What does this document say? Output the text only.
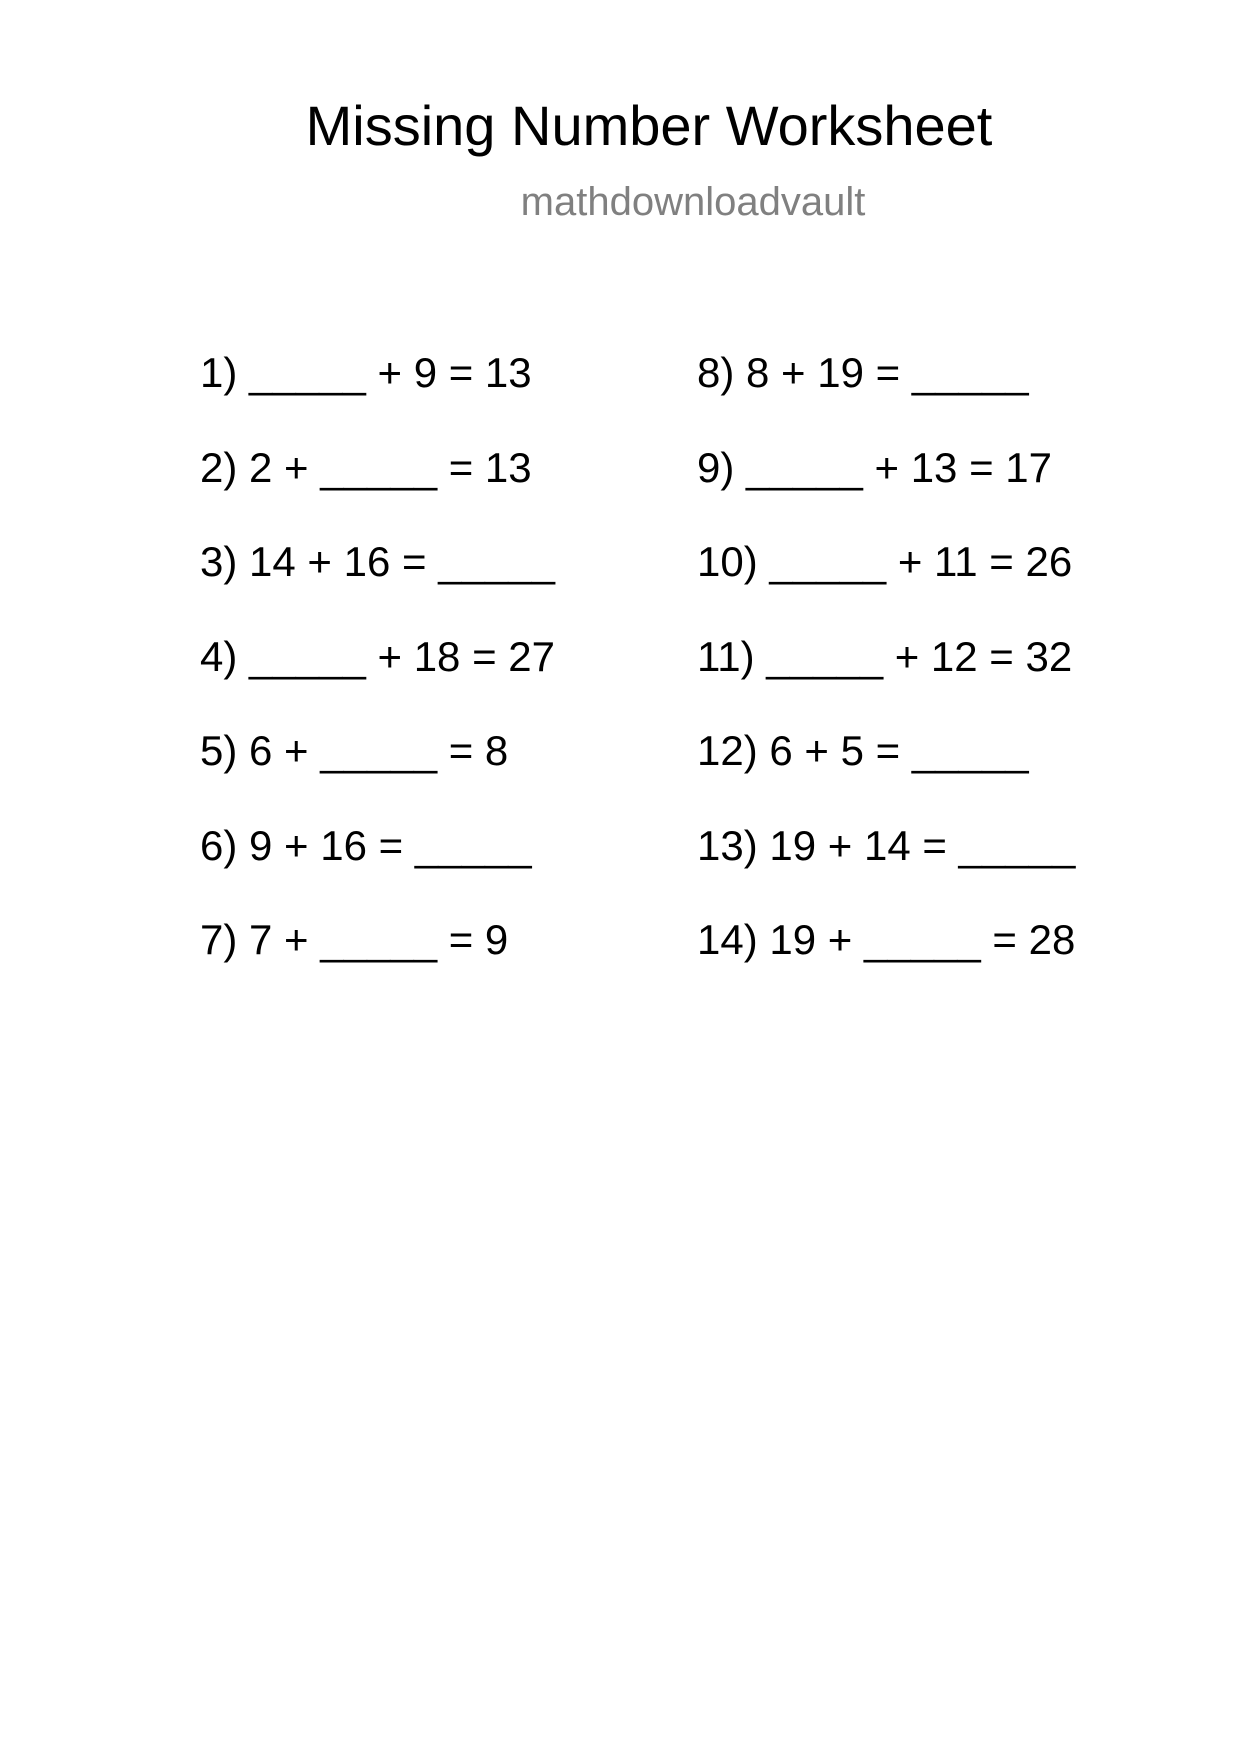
Missing Number Worksheet
mathdownloadvault
1) _____ + 9 = 13
2) 2 + _____ = 13
3) 14 + 16 = _____
4) _____ + 18 = 27
5) 6 + _____ = 8
6) 9 + 16 = _____
7) 7 + _____ = 9
8) 8 + 19 = _____
9) _____ + 13 = 17
10) _____ + 11 = 26
11) _____ + 12 = 32
12) 6 + 5 = _____
13) 19 + 14 = _____
14) 19 + _____ = 28
